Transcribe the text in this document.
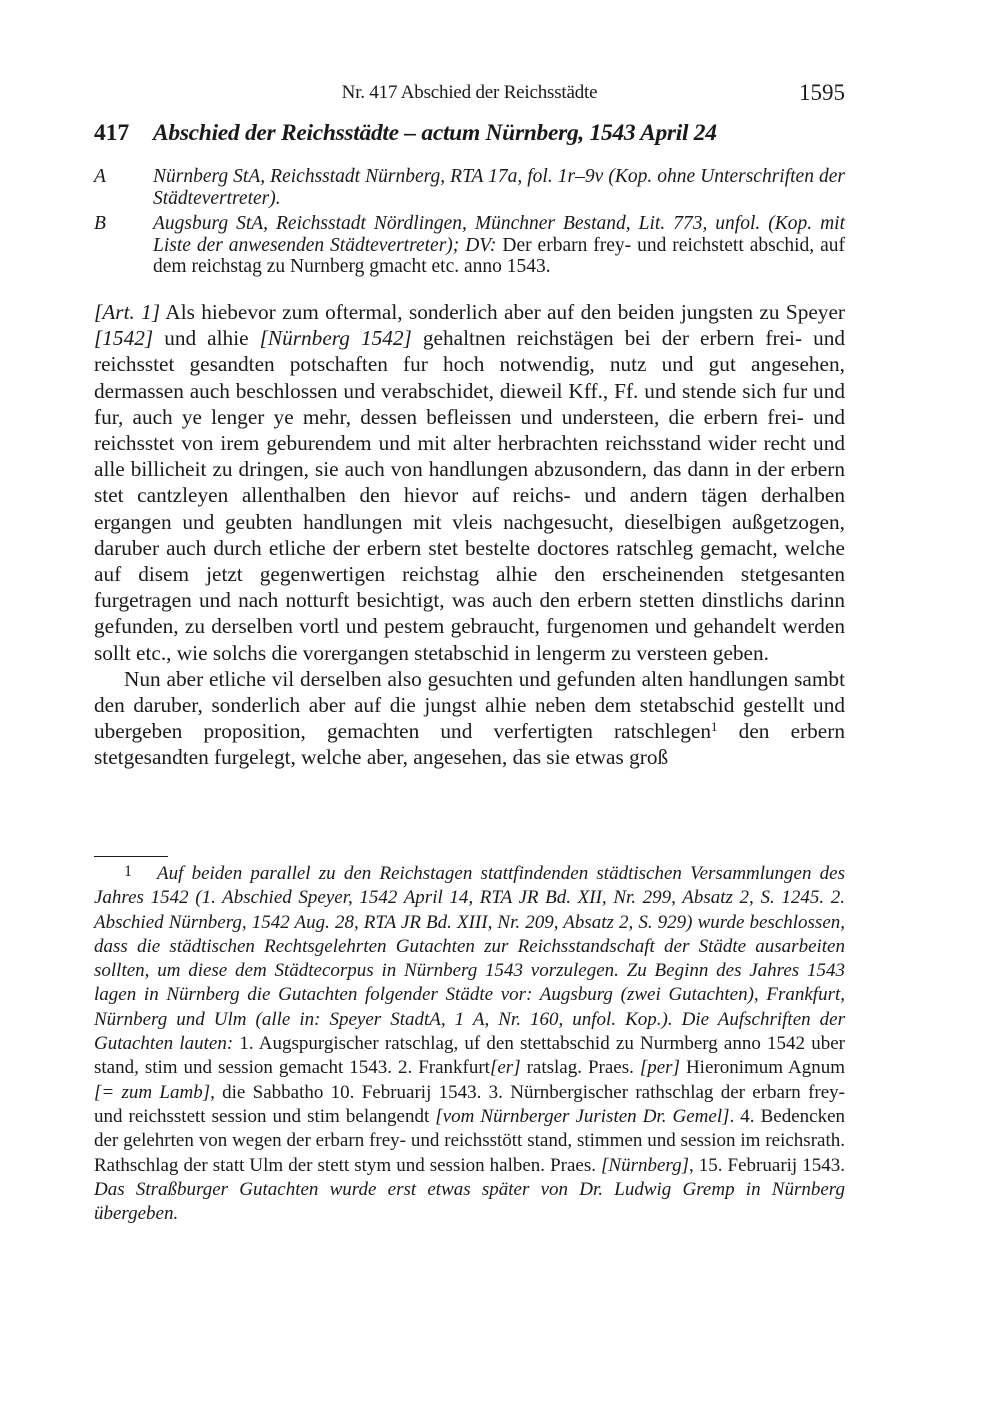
Nr. 417 Abschied der Reichsstädte	1595
417 Abschied der Reichsstädte – actum Nürnberg, 1543 April 24
A	Nürnberg StA, Reichsstadt Nürnberg, RTA 17a, fol. 1r–9v (Kop. ohne Unterschriften der Städtevertreter).
B	Augsburg StA, Reichsstadt Nördlingen, Münchner Bestand, Lit. 773, unfol. (Kop. mit Liste der anwesenden Städtevertreter); DV: Der erbarn frey- und reichstett abschid, auf dem reichstag zu Nurnberg gmacht etc. anno 1543.

[Art. 1] Als hiebevor zum oftermal, sonderlich aber auf den beiden jungsten zu Speyer [1542] und alhie [Nürnberg 1542] gehaltnen reichstägen bei der erbern frei- und reichsstet gesandten potschaften fur hoch notwendig, nutz und gut angesehen, dermassen auch beschlossen und verabschidet, dieweil Kff., Ff. und stende sich fur und fur, auch ye lenger ye mehr, dessen befleissen und understeen, die erbern frei- und reichsstet von irem geburendem und mit alter herbrachten reichsstand wider recht und alle billicheit zu dringen, sie auch von handlungen abzusondern, das dann in der erbern stet cantzleyen allenthalben den hievor auf reichs- und andern tägen derhalben ergangen und geubten handlungen mit vleis nachgesucht, dieselbigen außgetzogen, daruber auch durch etliche der erbern stet bestelte doctores ratschleg gemacht, welche auf disem jetzt gegenwertigen reichstag alhie den erscheinenden stetgesanten furgetragen und nach notturft besichtigt, was auch den erbern stetten dinstlichs darinn gefunden, zu derselben vortl und pestem gebraucht, furgenomen und gehandelt werden sollt etc., wie solchs die vorergangen stetabschid in lengerm zu versteen geben.

Nun aber etliche vil derselben also gesuchten und gefunden alten handlungen sambt den daruber, sonderlich aber auf die jungst alhie neben dem stetabschid gestellt und ubergeben proposition, gemachten und verfertigten ratschlegen$^1$ den erbern stetgesandten furgelegt, welche aber, angesehen, das sie etwas groß

1 Auf beiden parallel zu den Reichstagen stattfindenden städtischen Versammlungen des Jahres 1542 (1. Abschied Speyer, 1542 April 14, RTA JR Bd. XII, Nr. 299, Absatz 2, S. 1245. 2. Abschied Nürnberg, 1542 Aug. 28, RTA JR Bd. XIII, Nr. 209, Absatz 2, S. 929) wurde beschlossen, dass die städtischen Rechtsgelehrten Gutachten zur Reichsstandschaft der Städte ausarbeiten sollten, um diese dem Städtecorpus in Nürnberg 1543 vorzulegen. Zu Beginn des Jahres 1543 lagen in Nürnberg die Gutachten folgender Städte vor: Augsburg (zwei Gutachten), Frankfurt, Nürnberg und Ulm (alle in: Speyer StadtA, 1 A, Nr. 160, unfol. Kop.). Die Aufschriften der Gutachten lauten: 1. Augspurgischer ratschlag, uf den stettabschid zu Nurmberg anno 1542 uber stand, stim und session gemacht 1543. 2. Frankfurt[er] ratslag. Praes. [per] Hieronimum Agnum [= zum Lamb], die Sabbatho 10. Februarij 1543. 3. Nürnbergischer rathschlag der erbarn frey- und reichsstett session und stim belangendt [vom Nürnberger Juristen Dr. Gemel]. 4. Bedencken der gelehrten von wegen der erbarn frey- und reichsstött stand, stimmen und session im reichsrath. Rathschlag der statt Ulm der stett stym und session halben. Praes. [Nürnberg], 15. Februarij 1543. Das Straßburger Gutachten wurde erst etwas später von Dr. Ludwig Gremp in Nürnberg übergeben.
